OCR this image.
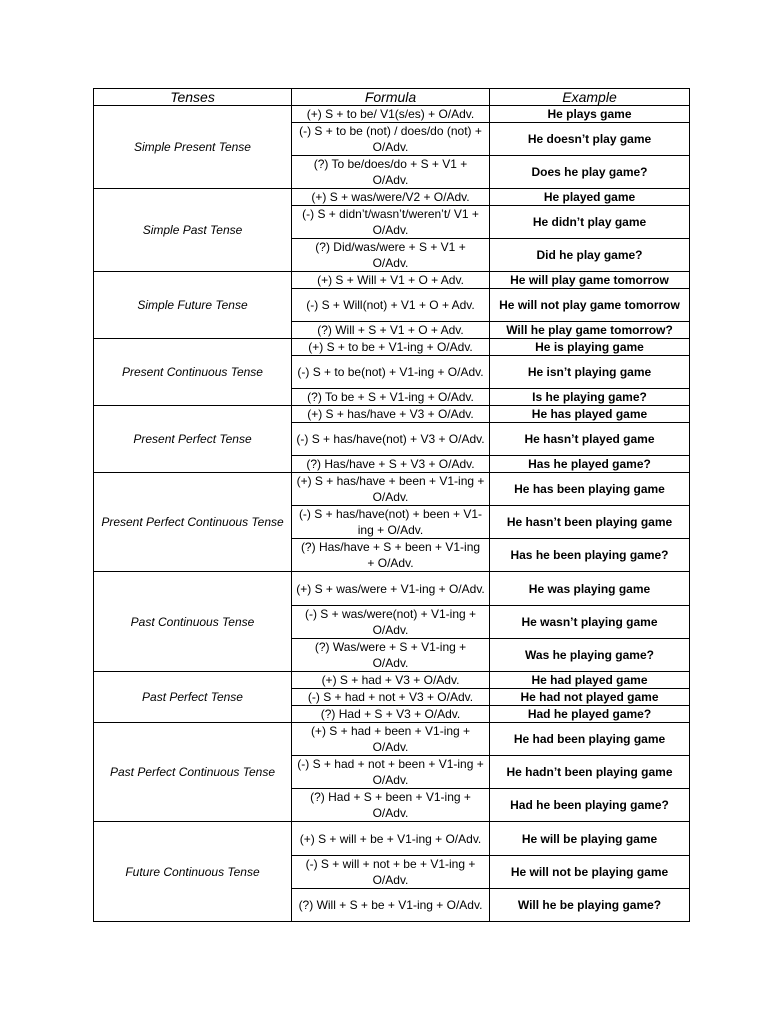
Tenses	Formula	Example
Simple Present Tense	(+) S + to be/ V1(s/es) + O/Adv.	He plays game
	(-) S + to be (not) / does/do (not) + O/Adv.	He doesn’t play game
	(?) To be/does/do + S + V1 + O/Adv.	Does he play game?
Simple Past Tense	(+) S + was/were/V2 + O/Adv.	He played game
	(-) S + didn’t/wasn’t/weren’t/ V1 + O/Adv.	He didn’t play game
	(?) Did/was/were + S + V1 + O/Adv.	Did he play game?
Simple Future Tense	(+) S + Will + V1 + O + Adv.	He will play game tomorrow
	(-) S + Will(not) + V1 + O + Adv.	He will not play game tomorrow
	(?) Will + S + V1 + O + Adv.	Will he play game tomorrow?
Present Continuous Tense	(+) S + to be + V1-ing + O/Adv.	He is playing game
	(-) S + to be(not) + V1-ing + O/Adv.	He isn’t playing game
	(?) To be + S + V1-ing + O/Adv.	Is he playing game?
Present Perfect Tense	(+) S + has/have + V3 + O/Adv.	He has played game
	(-) S + has/have(not) + V3 + O/Adv.	He hasn’t played game
	(?) Has/have + S + V3 + O/Adv.	Has he played game?
Present Perfect Continuous Tense	(+) S + has/have + been + V1-ing + O/Adv.	He has been playing game
	(-) S + has/have(not) + been + V1-ing + O/Adv.	He hasn’t been playing game
	(?) Has/have + S + been + V1-ing + O/Adv.	Has he been playing game?
Past Continuous Tense	(+) S + was/were + V1-ing + O/Adv.	He was playing game
	(-) S + was/were(not) + V1-ing + O/Adv.	He wasn’t playing game
	(?) Was/were + S + V1-ing + O/Adv.	Was he playing game?
Past Perfect Tense	(+) S + had + V3 + O/Adv.	He had played game
	(-) S + had + not + V3 + O/Adv.	He had not played game
	(?) Had + S + V3 + O/Adv.	Had he played game?
Past Perfect Continuous Tense	(+) S + had + been + V1-ing + O/Adv.	He had been playing game
	(-) S + had + not + been + V1-ing + O/Adv.	He hadn’t been playing game
	(?) Had + S + been + V1-ing + O/Adv.	Had he been playing game?
Future Continuous Tense	(+) S + will + be + V1-ing + O/Adv.	He will be playing game
	(-) S + will + not + be + V1-ing + O/Adv.	He will not be playing game
	(?) Will + S + be + V1-ing + O/Adv.	Will he be playing game?
